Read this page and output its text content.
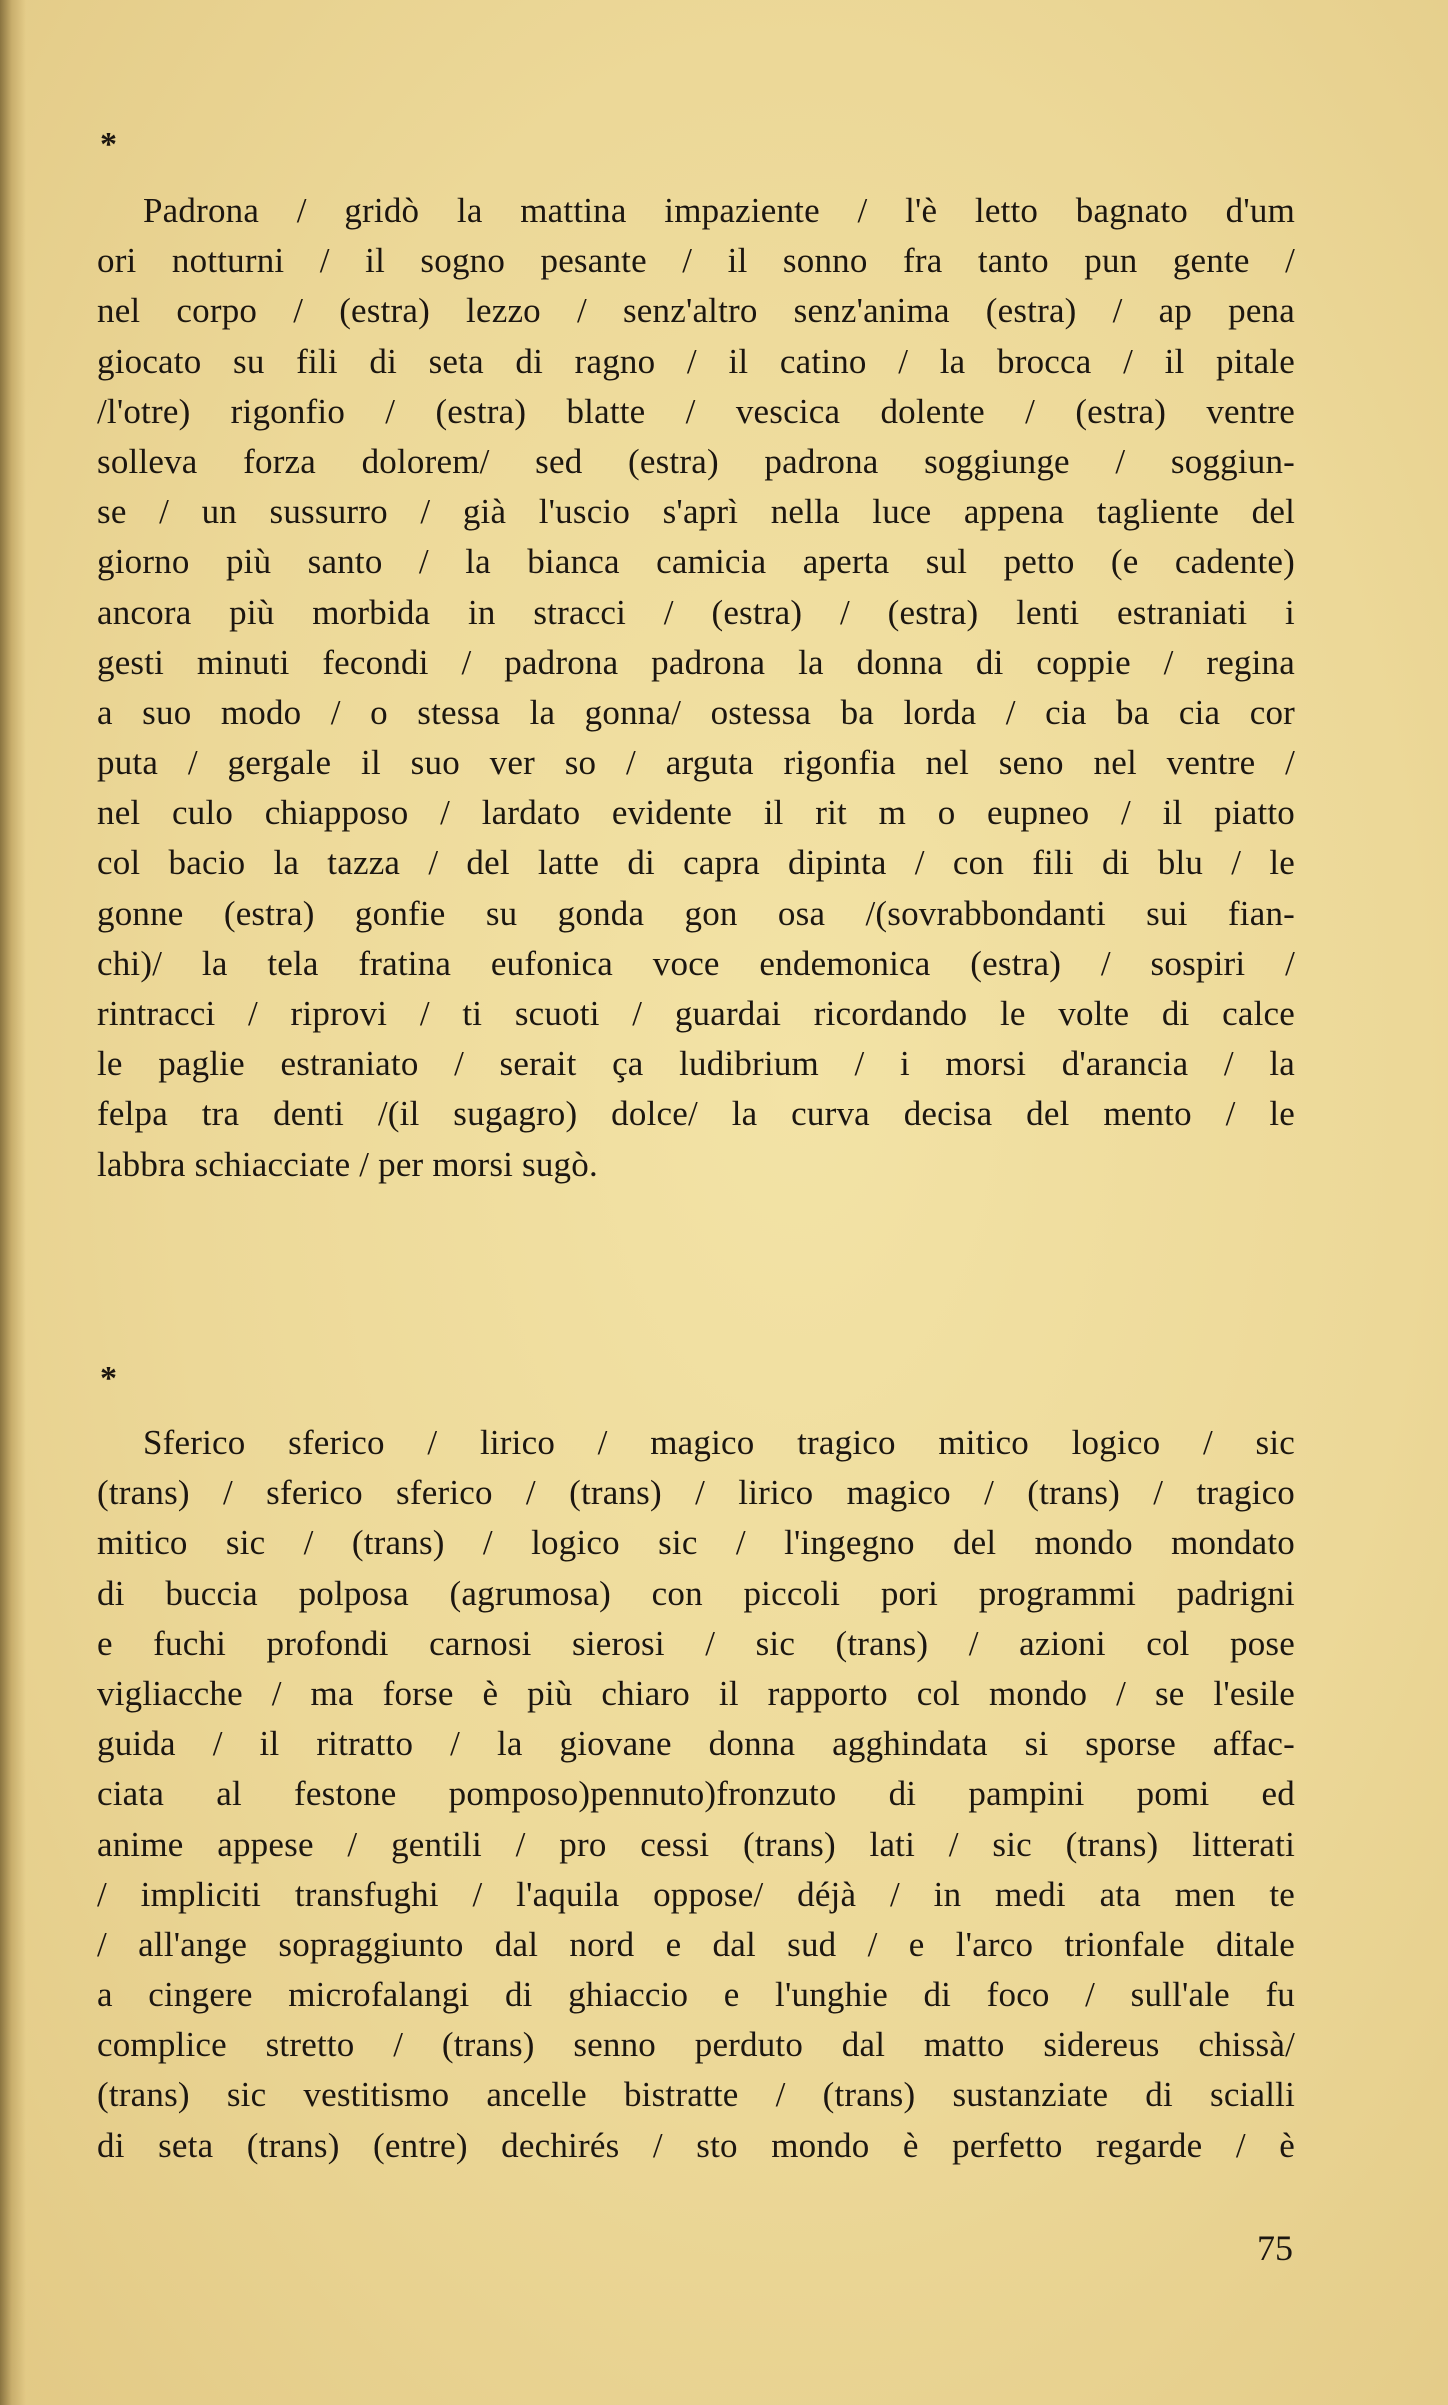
*
Padrona / gridò la mattina impaziente / l'è letto bagnato d'um
ori notturni / il sogno pesante / il sonno fra tanto pun gente /
nel corpo / (estra) lezzo / senz'altro senz'anima (estra) / ap pena
giocato su fili di seta di ragno / il catino / la brocca / il pitale
/l'otre) rigonfio / (estra) blatte / vescica dolente / (estra) ventre
solleva forza dolorem/ sed (estra) padrona soggiunge / soggiun-
se / un sussurro / già l'uscio s'aprì nella luce appena tagliente del
giorno più santo / la bianca camicia aperta sul petto (e cadente)
ancora più morbida in stracci / (estra) / (estra) lenti estraniati i
gesti minuti fecondi / padrona padrona la donna di coppie / regina
a suo modo / o stessa la gonna/ ostessa ba lorda / cia ba cia cor
puta / gergale il suo ver so / arguta rigonfia nel seno nel ventre /
nel culo chiapposo / lardato evidente il rit m o eupneo / il piatto
col bacio la tazza / del latte di capra dipinta / con fili di blu / le
gonne (estra) gonfie su gonda gon osa /(sovrabbondanti sui fian-
chi)/ la tela fratina eufonica voce endemonica (estra) / sospiri /
rintracci / riprovi / ti scuoti / guardai ricordando le volte di calce
le paglie estraniato / serait ça ludibrium / i morsi d'arancia / la
felpa tra denti /(il sugagro) dolce/ la curva decisa del mento / le
labbra schiacciate / per morsi sugò.
*
Sferico sferico / lirico / magico tragico mitico logico / sic
(trans) / sferico sferico / (trans) / lirico magico / (trans) / tragico
mitico sic / (trans) / logico sic / l'ingegno del mondo mondato
di buccia polposa (agrumosa) con piccoli pori programmi padrigni
e fuchi profondi carnosi sierosi / sic (trans) / azioni col pose
vigliacche / ma forse è più chiaro il rapporto col mondo / se l'esile
guida / il ritratto / la giovane donna agghindata si sporse affac-
ciata al festone pomposo)pennuto)fronzuto di pampini pomi ed
anime appese / gentili / pro cessi (trans) lati / sic (trans) litterati
/ impliciti transfughi / l'aquila oppose/ déjà / in medi ata men te
/ all'ange sopraggiunto dal nord e dal sud / e l'arco trionfale ditale
a cingere microfalangi di ghiaccio e l'unghie di foco / sull'ale fu
complice stretto / (trans) senno perduto dal matto sidereus chissà/
(trans) sic vestitismo ancelle bistratte / (trans) sustanziate di scialli
di seta (trans) (entre) dechirés / sto mondo è perfetto regarde / è
75
